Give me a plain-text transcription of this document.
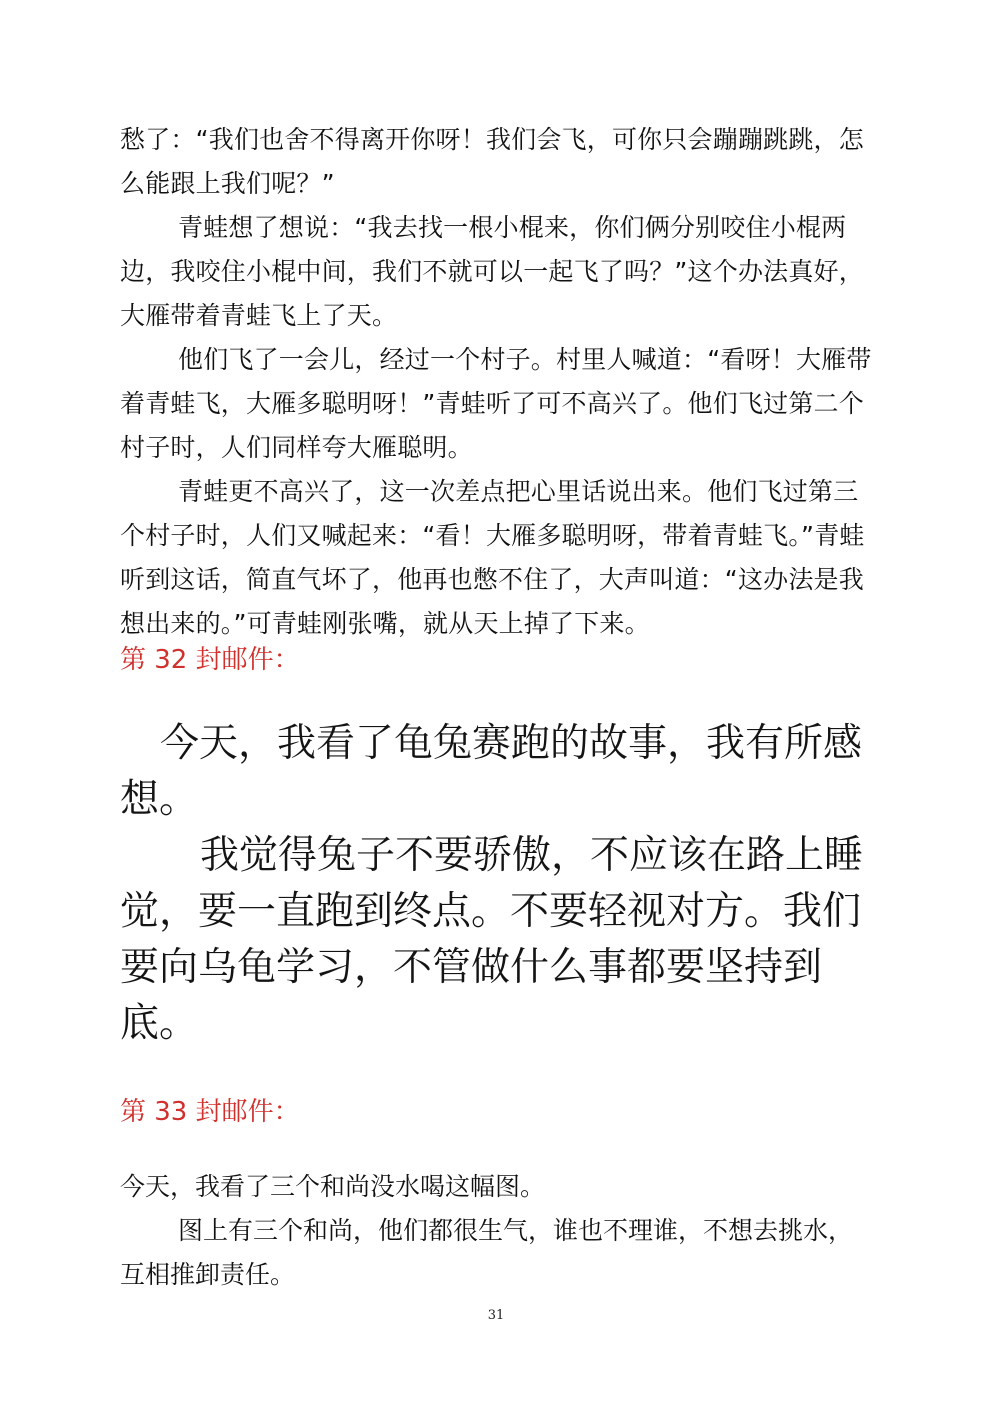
愁了：“我们也舍不得离开你呀！我们会飞，可你只会蹦蹦跳跳，怎么能跟上我们呢？”

青蛙想了想说：“我去找一根小棍来，你们俩分别咬住小棍两边，我咬住小棍中间，我们不就可以一起飞了吗？”这个办法真好，大雁带着青蛙飞上了天。

他们飞了一会儿，经过一个村子。村里人喊道：“看呀！大雁带着青蛙飞，大雁多聪明呀！”青蛙听了可不高兴了。他们飞过第二个村子时，人们同样夸大雁聪明。

青蛙更不高兴了，这一次差点把心里话说出来。他们飞过第三个村子时，人们又喊起来：“看！大雁多聪明呀，带着青蛙飞。”青蛙听到这话，简直气坏了，他再也憋不住了，大声叫道：“这办法是我想出来的。”可青蛙刚张嘴，就从天上掉了下来。

第 32 封邮件：

今天，我看了龟兔赛跑的故事，我有所感想。

我觉得兔子不要骄傲，不应该在路上睡觉，要一直跑到终点。不要轻视对方。我们要向乌龟学习，不管做什么事都要坚持到底。

第 33 封邮件：

今天，我看了三个和尚没水喝这幅图。

图上有三个和尚，他们都很生气，谁也不理谁，不想去挑水，互相推卸责任。

31
